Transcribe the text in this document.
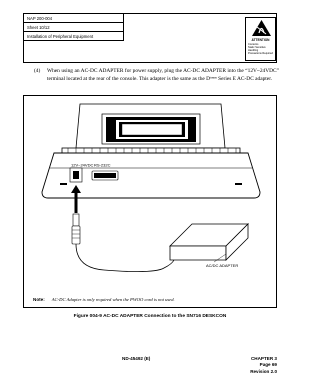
NAP 200-004
Sheet 10/12
Installation of Peripheral Equipment
ATTENTION
Contents
Static Sensitive
Handling
Precautions Required
(4) When using an AC-DC ADAPTER for power supply, plug the AC-DC ADAPTER into the “12V~24VDC” terminal located at the rear of the console. This adapter is the same as the Dᵗᵉⁿᵐ Series E AC-DC adapter.
12V~24VDC RS-232C
AC/DC ADAPTER
Note: AC-DC Adapter is only required when the PWOO cord is not used.
Figure 004-9 AC-DC ADAPTER Connection to the SN716 DESKCON
ND-45492 (E)	CHAPTER 3
Page 69
Revision 2.0
